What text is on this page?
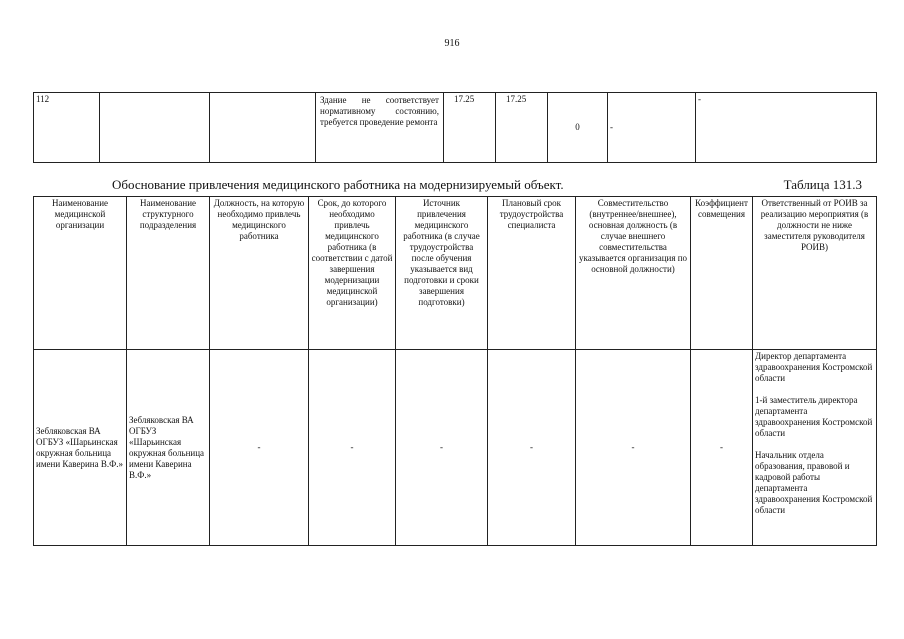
916
112			Здание не соответствует нормативному состоянию, требуется проведение ремонта	17.25	17.25	0	-	-
Обоснование привлечения медицинского работника на модернизируемый объект.	Таблица 131.3
Наименование медицинской организации	Наименование структурного подразделения	Должность, на которую необходимо привлечь медицинского работника	Срок, до которого необходимо привлечь медицинского работника (в соответствии с датой завершения модернизации медицинской организации)	Источник привлечения медицинского работника (в случае трудоустройства после обучения указывается вид подготовки и сроки завершения подготовки)	Плановый срок трудоустройства специалиста	Совместительство (внутреннее/внешнее), основная должность (в случае внешнего совместительства указывается организация по основной должности)	Коэффициент совмещения	Ответственный от РОИВ за реализацию мероприятия (в должности не ниже заместителя руководителя РОИВ)
Зебляковская ВА ОГБУЗ «Шарьинская окружная больница имени Каверина В.Ф.»	Зебляковская ВА ОГБУЗ «Шарьинская окружная больница имени Каверина В.Ф.»	-	-	-	-	-	-	Директор департамента здравоохранения Костромской области
1-й заместитель директора департамента здравоохранения Костромской области
Начальник отдела образования, правовой и кадровой работы департамента здравоохранения Костромской области
